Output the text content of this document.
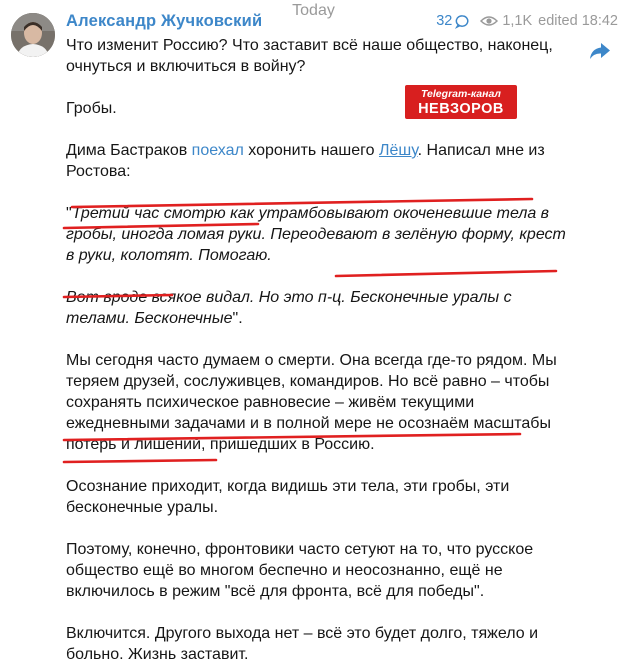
Today
Александр Жучковский	32	1,1K edited 18:42
Telegram-канал
НЕВЗОРОВ

Что изменит Россию? Что заставит всё наше общество, наконец, очнуться и включиться в войну?

Гробы.

Дима Бастраков поехал хоронить нашего Лёшу. Написал мне из Ростова:

"Третий час смотрю как утрамбовывают окоченевшие тела в гробы, иногда ломая руки. Переодевают в зелёную форму, крест в руки, колотят. Помогаю.

Вот вроде всякое видал. Но это п-ц. Бесконечные уралы с телами. Бесконечные".

Мы сегодня часто думаем о смерти. Она всегда где-то рядом. Мы теряем друзей, сослуживцев, командиров. Но всё равно – чтобы сохранять психическое равновесие – живём текущими ежедневными задачами и в полной мере не осознаём масштабы потерь и лишений, пришедших в Россию.

Осознание приходит, когда видишь эти тела, эти гробы, эти бесконечные уралы.

Поэтому, конечно, фронтовики часто сетуют на то, что русское общество ещё во многом беспечно и неосознанно, ещё не включилось в режим "всё для фронта, всё для победы".

Включится. Другого выхода нет – всё это будет долго, тяжело и больно. Жизнь заставит.
